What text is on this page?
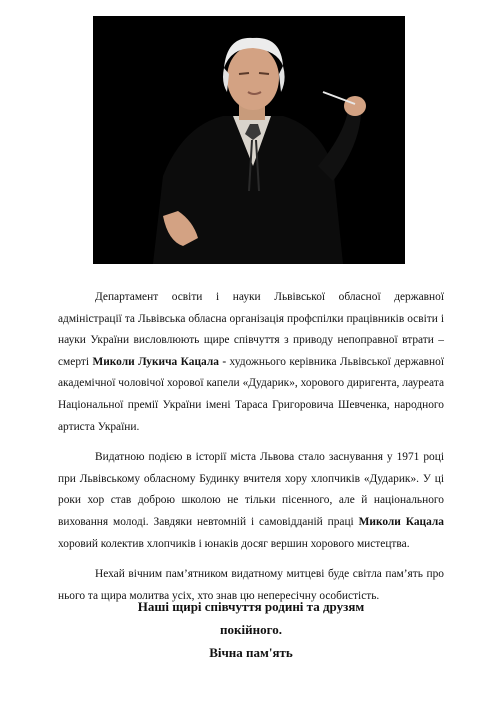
Департамент освіти і науки Львівської обласної державної адміністрації та Львівська обласна організація профспілки працівників освіти і науки України висловлюють щире співчуття з приводу непоправної втрати – смерті Миколи Лукича Кацала - художнього керівника Львівської державної академічної чоловічої хорової капели «Дударик», хорового диригента, лауреата Національної премії України імені Тараса Григоровича Шевченка, народного артиста України.

Видатною подією в історії міста Львова стало заснування у 1971 році при Львівському обласному Будинку вчителя хору хлопчиків «Дударик». У ці роки хор став доброю школою не тільки пісенного, але й національного виховання молоді. Завдяки невтомній і самовідданій праці Миколи Кацала хоровий колектив хлопчиків і юнаків досяг вершин хорового мистецтва.

Нехай вічним пам’ятником видатному митцеві буде світла пам’ять про нього та щира молитва усіх, хто знав цю непересічну особистість.

Наші щирі співчуття родині та друзям
покійного.
Вічна пам'ять
